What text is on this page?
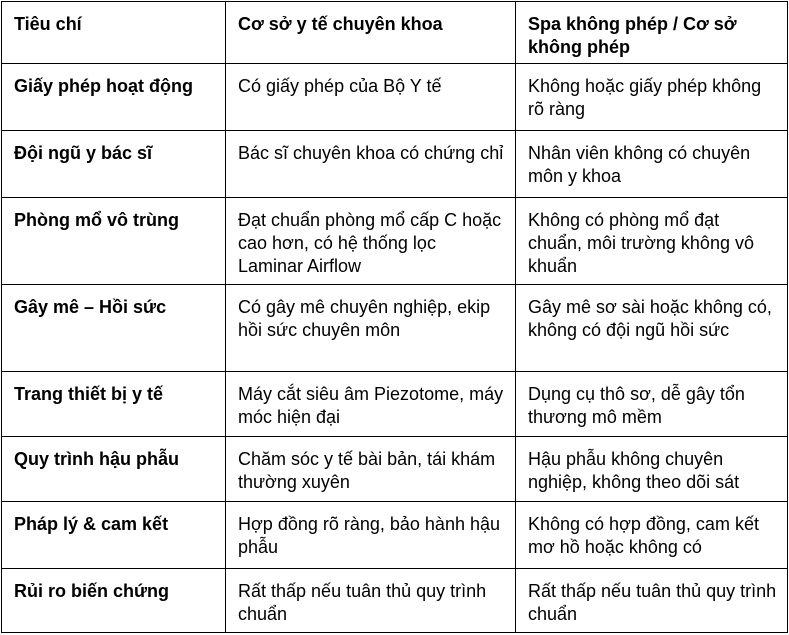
Tiêu chí	Cơ sở y tế chuyên khoa	Spa không phép / Cơ sở không phép
Giấy phép hoạt động	Có giấy phép của Bộ Y tế	Không hoặc giấy phép không rõ ràng
Đội ngũ y bác sĩ	Bác sĩ chuyên khoa có chứng chỉ	Nhân viên không có chuyên môn y khoa
Phòng mổ vô trùng	Đạt chuẩn phòng mổ cấp C hoặc cao hơn, có hệ thống lọc Laminar Airflow	Không có phòng mổ đạt chuẩn, môi trường không vô khuẩn
Gây mê – Hồi sức	Có gây mê chuyên nghiệp, ekip hồi sức chuyên môn	Gây mê sơ sài hoặc không có, không có đội ngũ hồi sức
Trang thiết bị y tế	Máy cắt siêu âm Piezotome, máy móc hiện đại	Dụng cụ thô sơ, dễ gây tổn thương mô mềm
Quy trình hậu phẫu	Chăm sóc y tế bài bản, tái khám thường xuyên	Hậu phẫu không chuyên nghiệp, không theo dõi sát
Pháp lý & cam kết	Hợp đồng rõ ràng, bảo hành hậu phẫu	Không có hợp đồng, cam kết mơ hồ hoặc không có
Rủi ro biến chứng	Rất thấp nếu tuân thủ quy trình chuẩn	Rất thấp nếu tuân thủ quy trình chuẩn
